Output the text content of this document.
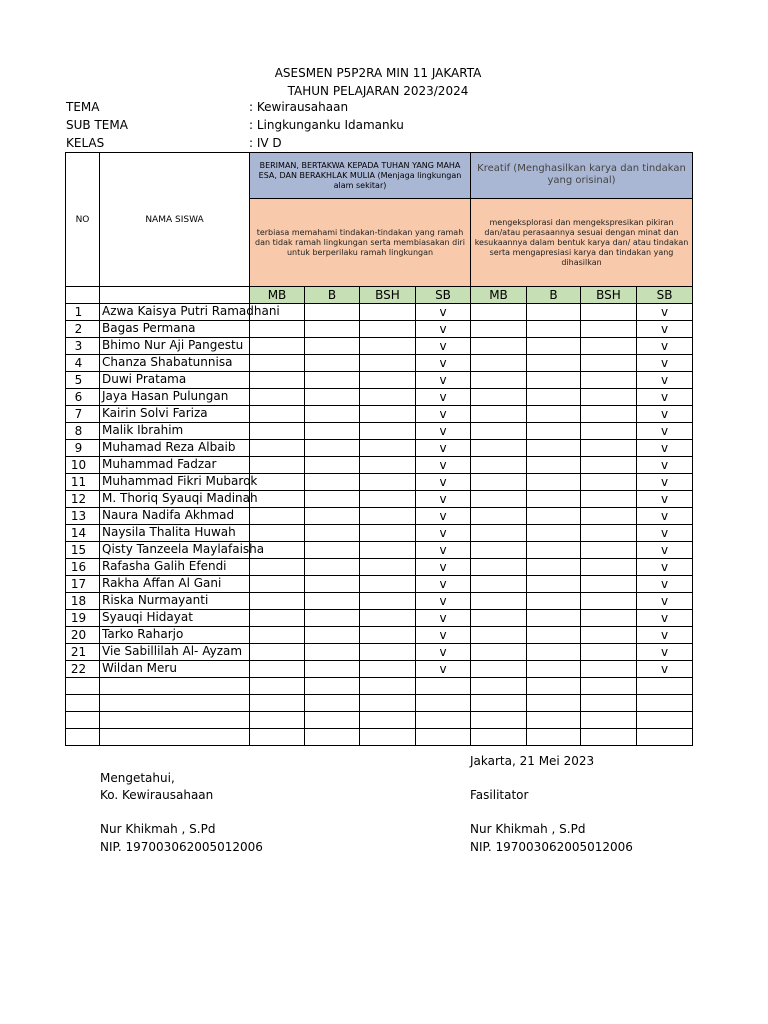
ASESMEN P5P2RA MIN 11 JAKARTA
TAHUN PELAJARAN 2023/2024
TEMA	: Kewirausahaan
SUB TEMA	: Lingkunganku Idamanku
KELAS	: IV D
NO	NAMA SISWA	BERIMAN, BERTAKWA KEPADA TUHAN YANG MAHA ESA, DAN BERAKHLAK MULIA (Menjaga lingkungan alam sekitar)				Kreatif (Menghasilkan karya dan tindakan yang orisinal)			
		terbiasa memahami tindakan-tindakan yang ramah dan tidak ramah lingkungan serta membiasakan diri untuk berperilaku ramah lingkungan				mengeksplorasi dan mengekspresikan pikiran dan/atau perasaannya sesuai dengan minat dan kesukaannya dalam bentuk karya dan/ atau tindakan serta mengapresiasi karya dan tindakan yang dihasilkan			
		MB	B	BSH	SB	MB	B	BSH	SB
1	Azwa Kaisya Putri Ramadhani				v				v
2	Bagas Permana				v				v
3	Bhimo Nur Aji Pangestu				v				v
4	Chanza Shabatunnisa				v				v
5	Duwi Pratama				v				v
6	Jaya Hasan Pulungan				v				v
7	Kairin Solvi Fariza				v				v
8	Malik Ibrahim				v				v
9	Muhamad Reza Albaib				v				v
10	Muhammad Fadzar				v				v
11	Muhammad Fikri Mubarok				v				v
12	M. Thoriq Syauqi Madinah				v				v
13	Naura Nadifa Akhmad				v				v
14	Naysila Thalita Huwah				v				v
15	Qisty Tanzeela Maylafaisha				v				v
16	Rafasha Galih Efendi				v				v
17	Rakha Affan Al Gani				v				v
18	Riska Nurmayanti				v				v
19	Syauqi Hidayat				v				v
20	Tarko Raharjo				v				v
21	Vie Sabillilah Al- Ayzam				v				v
22	Wildan Meru				v				v

Jakarta, 21 Mei 2023
Mengetahui,
Ko. Kewirausahaan	Fasilitator
Nur Khikmah , S.Pd	Nur Khikmah , S.Pd
NIP. 197003062005012006	NIP. 197003062005012006
